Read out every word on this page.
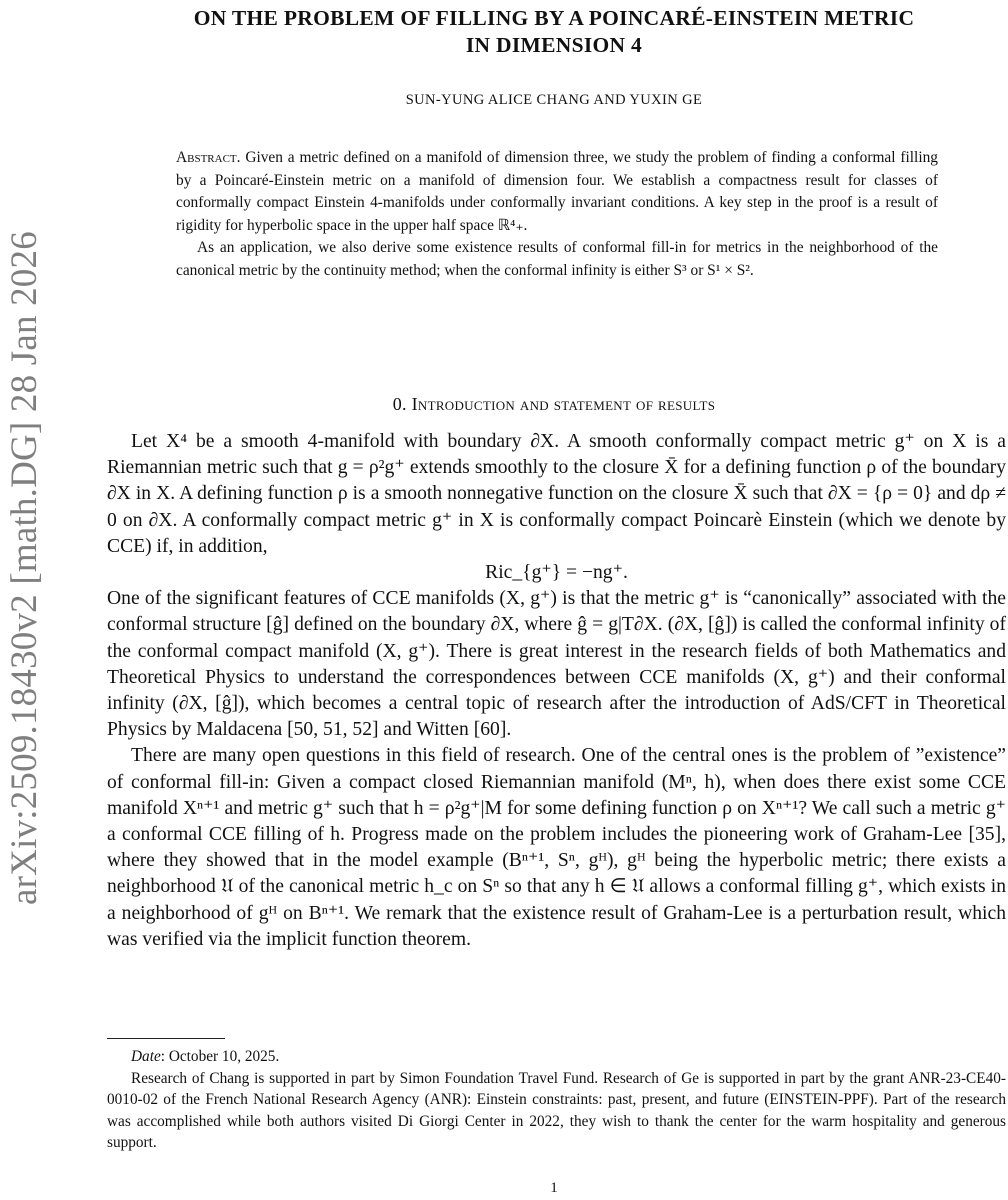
arXiv:2509.18430v2 [math.DG] 28 Jan 2026
ON THE PROBLEM OF FILLING BY A POINCARÉ-EINSTEIN METRIC
IN DIMENSION 4
SUN-YUNG ALICE CHANG AND YUXIN GE

Abstract. Given a metric defined on a manifold of dimension three, we study the problem of finding a conformal filling by a Poincaré-Einstein metric on a manifold of dimension four. We establish a compactness result for classes of conformally compact Einstein 4-manifolds under conformally invariant conditions. A key step in the proof is a result of rigidity for hyperbolic space in the upper half space ℝ⁴₊.

As an application, we also derive some existence results of conformal fill-in for metrics in the neighborhood of the canonical metric by the continuity method; when the conformal infinity is either S³ or S¹ × S².

0. Introduction and statement of results

Let X⁴ be a smooth 4-manifold with boundary ∂X. A smooth conformally compact metric g⁺ on X is a Riemannian metric such that g = ρ²g⁺ extends smoothly to the closure X̄ for a defining function ρ of the boundary ∂X in X. A defining function ρ is a smooth nonnegative function on the closure X̄ such that ∂X = {ρ = 0} and dρ ≠ 0 on ∂X. A conformally compact metric g⁺ in X is conformally compact Poincarè Einstein (which we denote by CCE) if, in addition,

Ric_{g⁺} = −ng⁺.

One of the significant features of CCE manifolds (X, g⁺) is that the metric g⁺ is “canonically” associated with the conformal structure [ĝ] defined on the boundary ∂X, where ĝ = g|T∂X. (∂X, [ĝ]) is called the conformal infinity of the conformal compact manifold (X, g⁺). There is great interest in the research fields of both Mathematics and Theoretical Physics to understand the correspondences between CCE manifolds (X, g⁺) and their conformal infinity (∂X, [ĝ]), which becomes a central topic of research after the introduction of AdS/CFT in Theoretical Physics by Maldacena [50, 51, 52] and Witten [60].

There are many open questions in this field of research. One of the central ones is the problem of ”existence” of conformal fill-in: Given a compact closed Riemannian manifold (Mⁿ, h), when does there exist some CCE manifold Xⁿ⁺¹ and metric g⁺ such that h = ρ²g⁺|M for some defining function ρ on Xⁿ⁺¹? We call such a metric g⁺ a conformal CCE filling of h. Progress made on the problem includes the pioneering work of Graham-Lee [35], where they showed that in the model example (Bⁿ⁺¹, Sⁿ, gᴴ), gᴴ being the hyperbolic metric; there exists a neighborhood 𝔘 of the canonical metric h_c on Sⁿ so that any h ∈ 𝔘 allows a conformal filling g⁺, which exists in a neighborhood of gᴴ on Bⁿ⁺¹. We remark that the existence result of Graham-Lee is a perturbation result, which was verified via the implicit function theorem.

Date: October 10, 2025.

Research of Chang is supported in part by Simon Foundation Travel Fund. Research of Ge is supported in part by the grant ANR-23-CE40-0010-02 of the French National Research Agency (ANR): Einstein constraints: past, present, and future (EINSTEIN-PPF). Part of the research was accomplished while both authors visited Di Giorgi Center in 2022, they wish to thank the center for the warm hospitality and generous support.

1
